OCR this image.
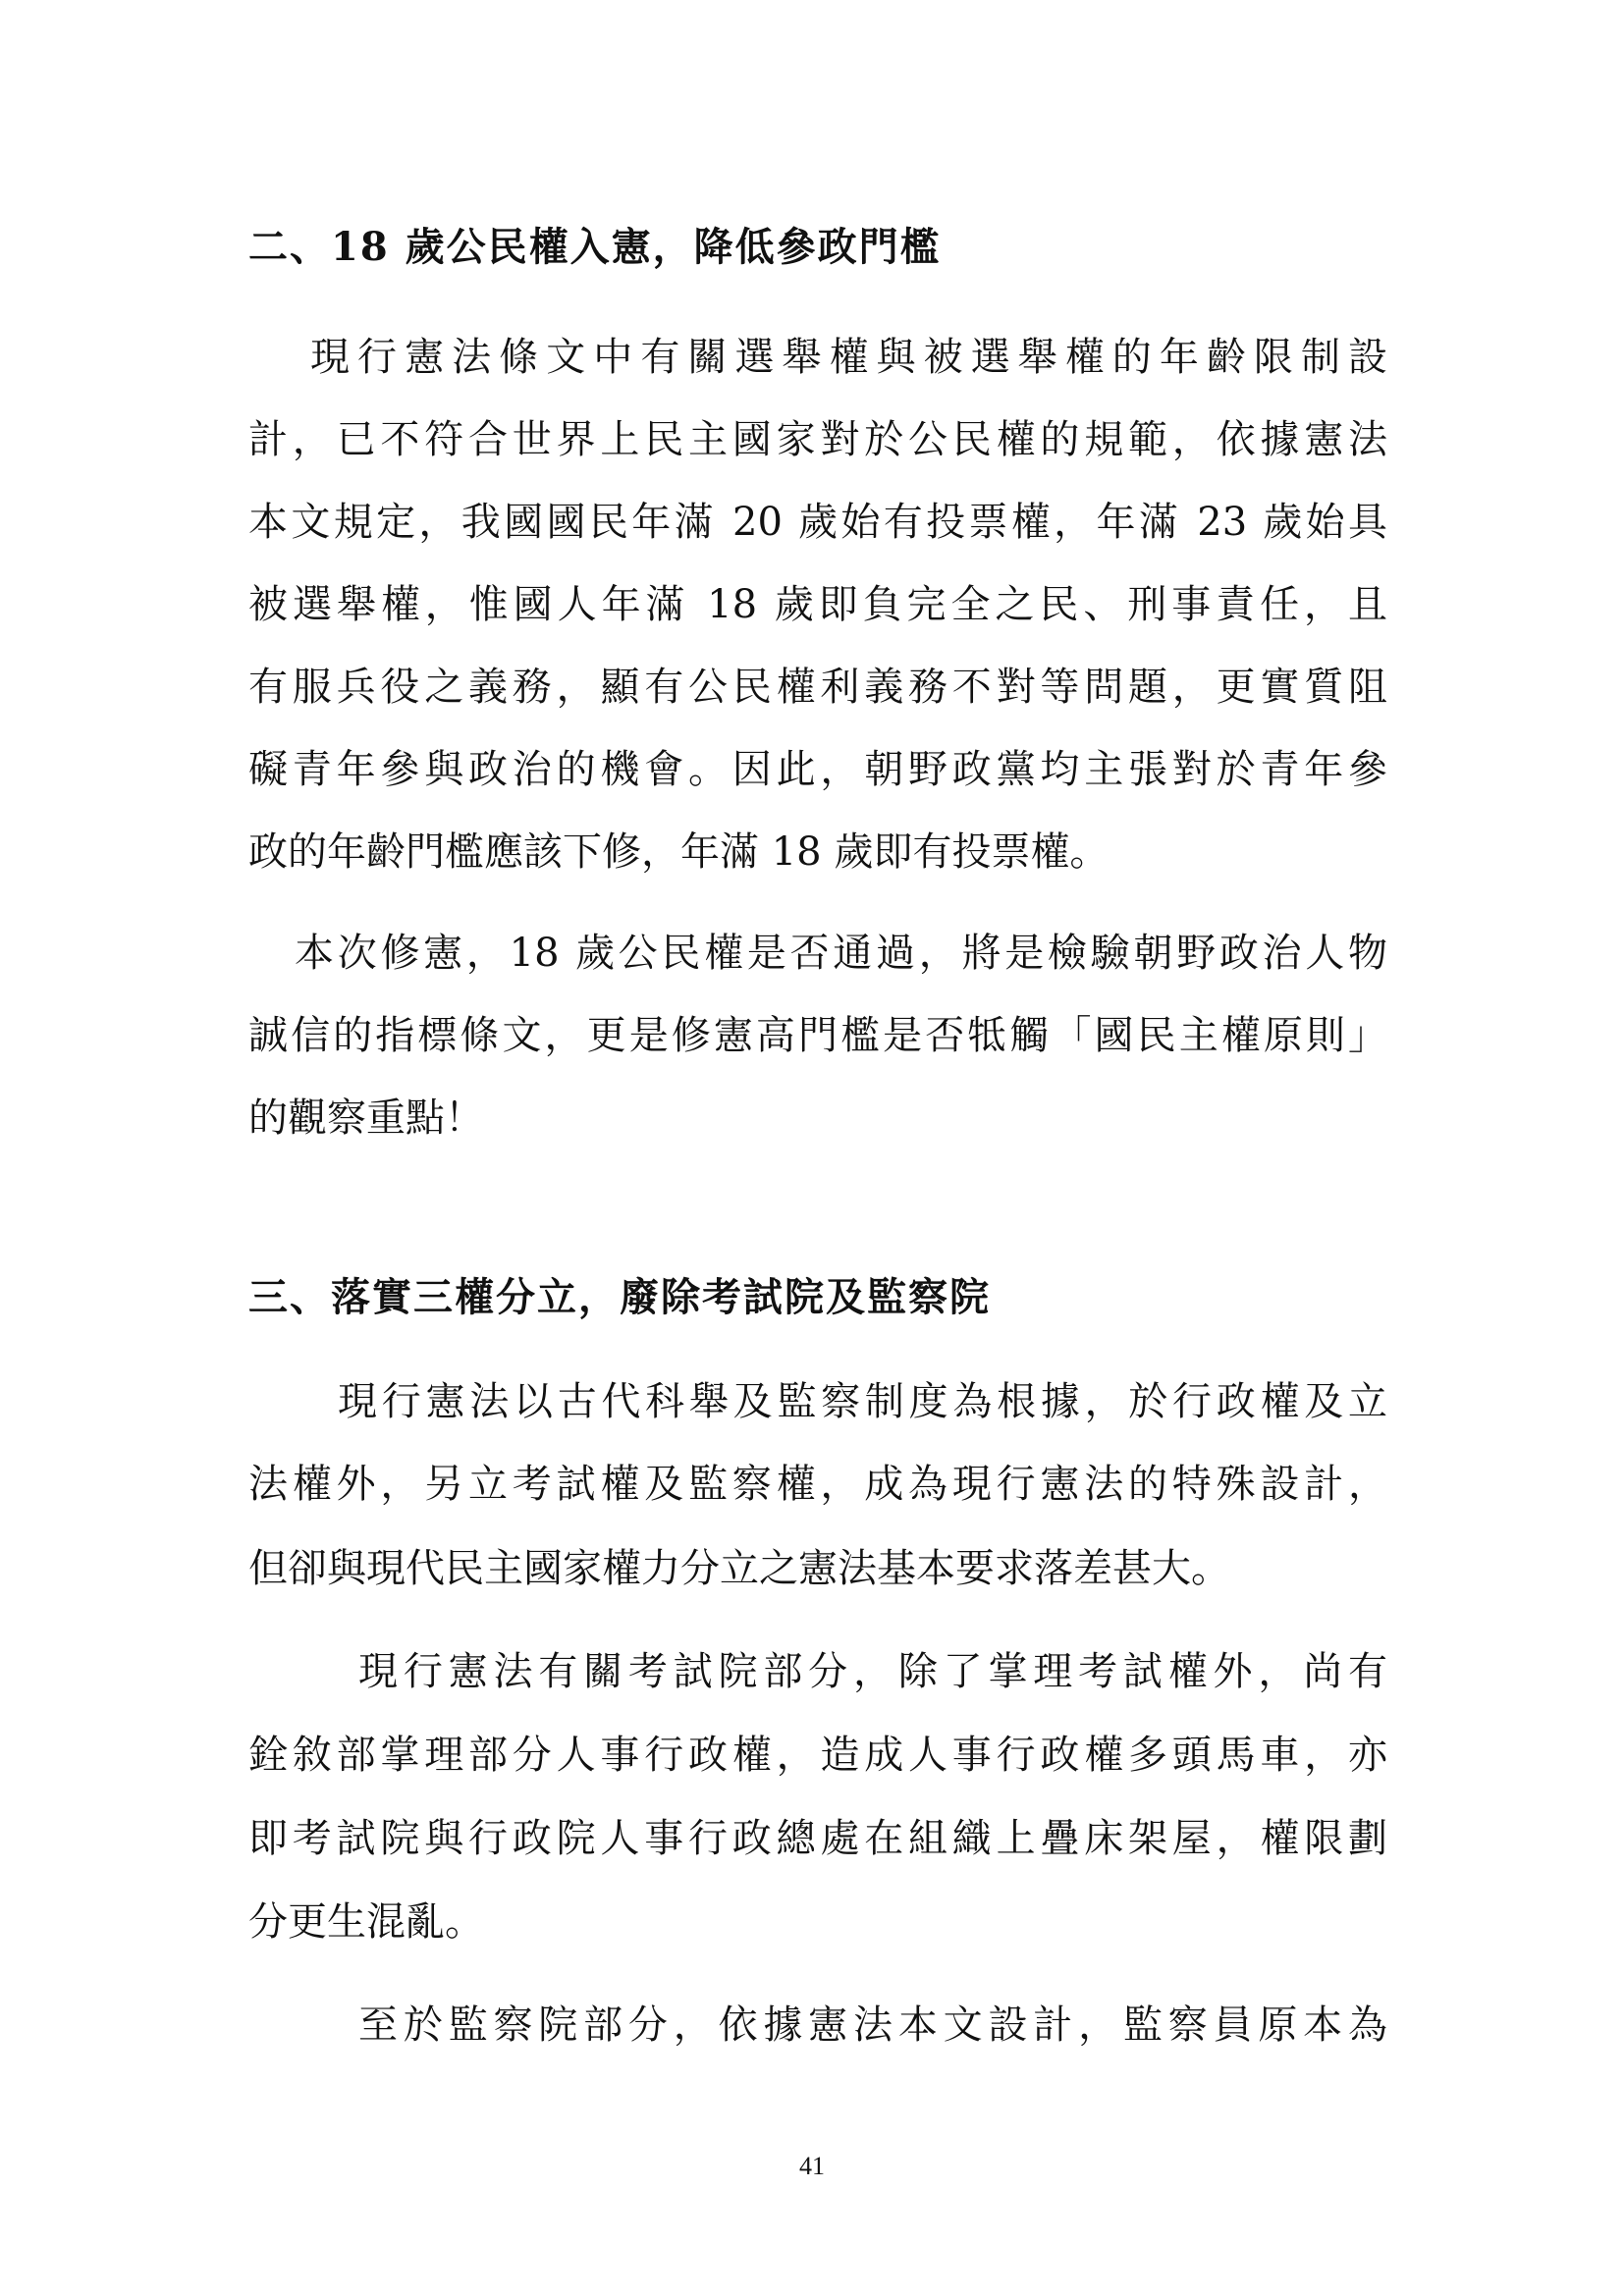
二、18 歲公民權入憲，降低參政門檻
現行憲法條文中有關選舉權與被選舉權的年齡限制設
計，已不符合世界上民主國家對於公民權的規範，依據憲法
本文規定，我國國民年滿 20 歲始有投票權，年滿 23 歲始具
被選舉權，惟國人年滿 18 歲即負完全之民、刑事責任，且
有服兵役之義務，顯有公民權利義務不對等問題，更實質阻
礙青年參與政治的機會。因此，朝野政黨均主張對於青年參
政的年齡門檻應該下修，年滿 18 歲即有投票權。
本次修憲，18 歲公民權是否通過，將是檢驗朝野政治人物
誠信的指標條文，更是修憲高門檻是否牴觸「國民主權原則」
的觀察重點！
三、落實三權分立，廢除考試院及監察院
現行憲法以古代科舉及監察制度為根據，於行政權及立
法權外，另立考試權及監察權，成為現行憲法的特殊設計，
但卻與現代民主國家權力分立之憲法基本要求落差甚大。
現行憲法有關考試院部分，除了掌理考試權外，尚有
銓敘部掌理部分人事行政權，造成人事行政權多頭馬車，亦
即考試院與行政院人事行政總處在組織上疊床架屋，權限劃
分更生混亂。
至於監察院部分，依據憲法本文設計，監察員原本為
41
